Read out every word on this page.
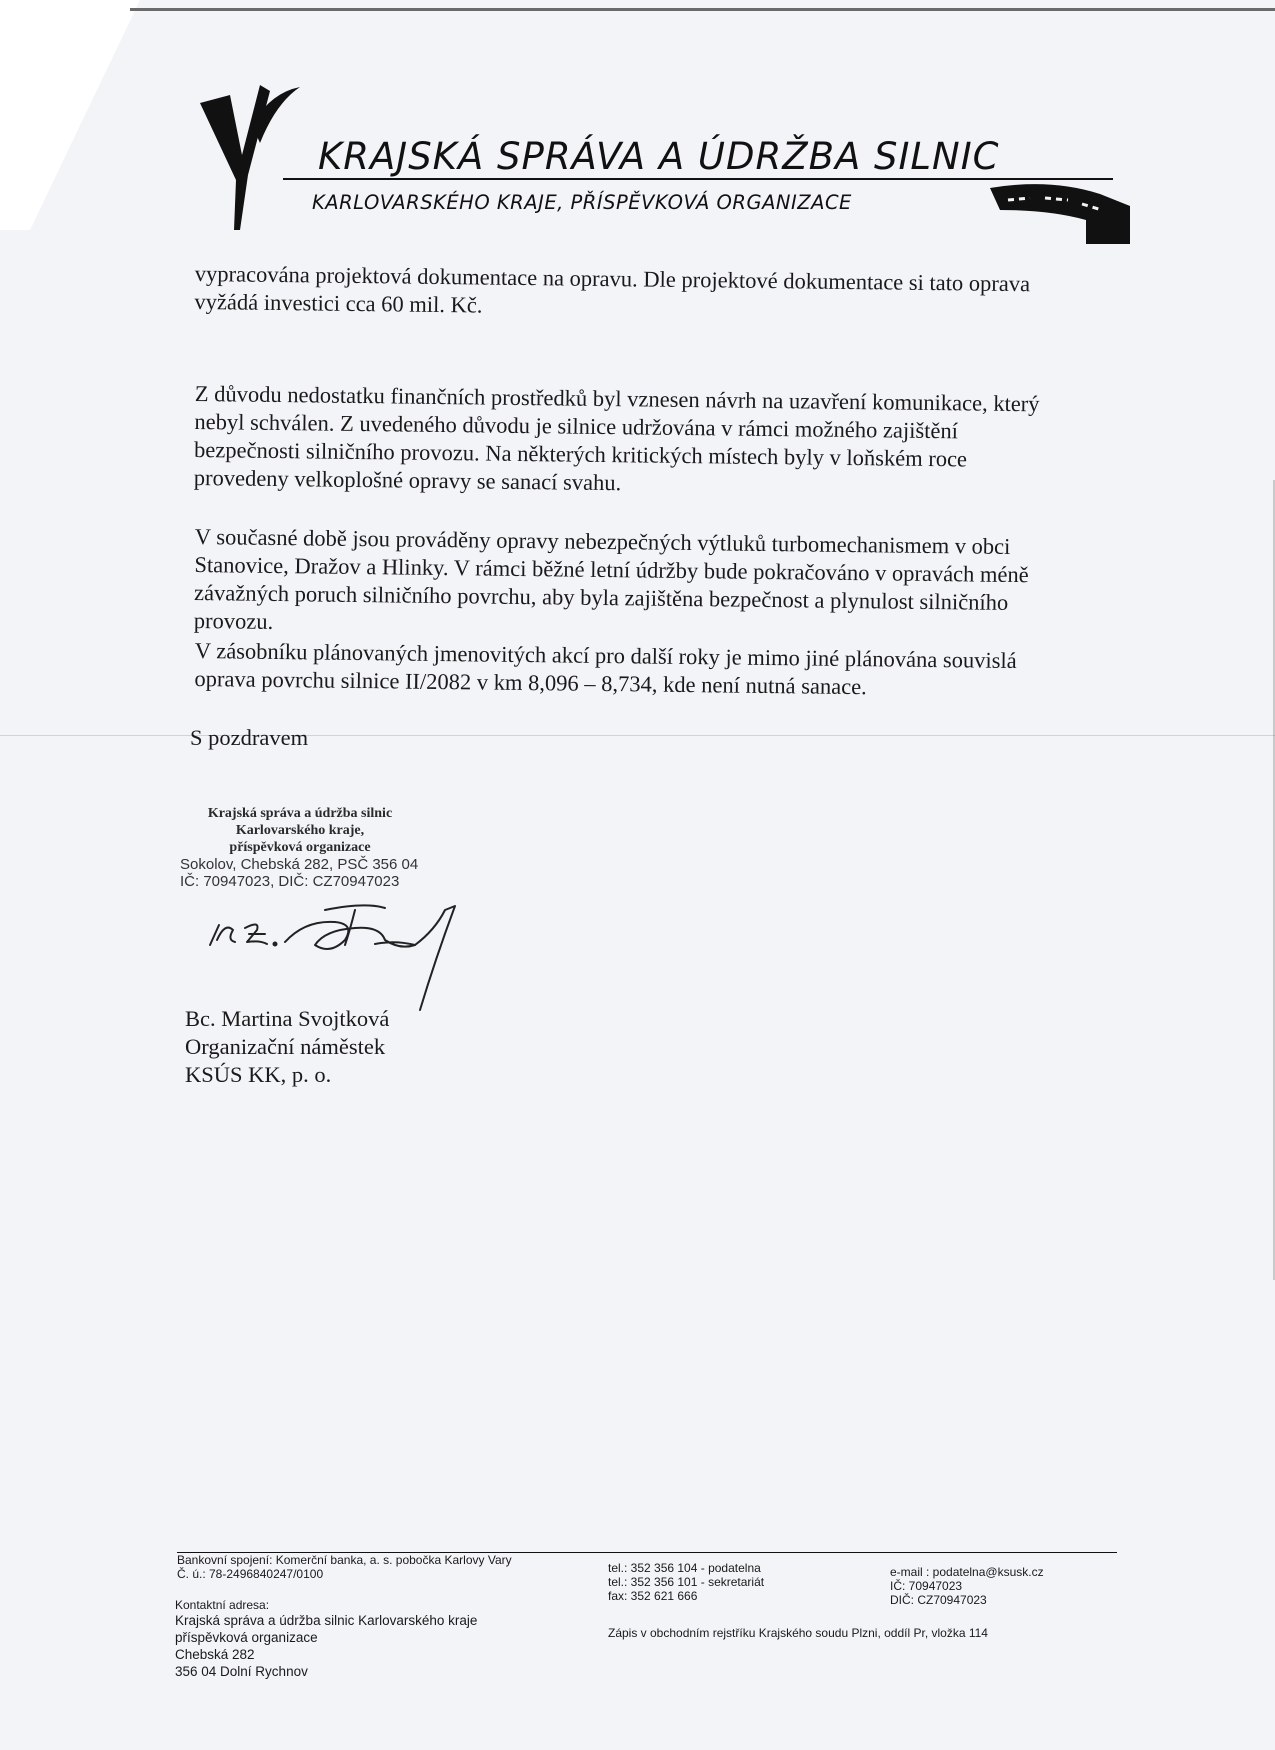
KRAJSKÁ SPRÁVA A ÚDRŽBA SILNIC
KARLOVARSKÉHO KRAJE, PŘÍSPĚVKOVÁ ORGANIZACE
vypracována projektová dokumentace na opravu. Dle projektové dokumentace si tato oprava
vyžádá investici cca 60 mil. Kč.
Z důvodu nedostatku finančních prostředků byl vznesen návrh na uzavření komunikace, který
nebyl schválen. Z uvedeného důvodu je silnice udržována v rámci možného zajištění
bezpečnosti silničního provozu. Na některých kritických místech byly v loňském roce
provedeny velkoplošné opravy se sanací svahu.
V současné době jsou prováděny opravy nebezpečných výtluků turbomechanismem v obci
Stanovice, Dražov a Hlinky. V rámci běžné letní údržby bude pokračováno v opravách méně
závažných poruch silničního povrchu, aby byla zajištěna bezpečnost a plynulost silničního
provozu.
V zásobníku plánovaných jmenovitých akcí pro další roky je mimo jiné plánována souvislá
oprava povrchu silnice II/2082 v km 8,096 – 8,734, kde není nutná sanace.
S pozdravem
Krajská správa a údržba silnic
Karlovarského kraje,
příspěvková organizace
Sokolov, Chebská 282, PSČ 356 04
IČ: 70947023, DIČ: CZ70947023
Bc. Martina Svojtková
Organizační náměstek
KSÚS KK, p. o.
Bankovní spojení: Komerční banka, a. s. pobočka Karlovy Vary
Č. ú.: 78-2496840247/0100
Kontaktní adresa:
Krajská správa a údržba silnic Karlovarského kraje
příspěvková organizace
Chebská 282
356 04 Dolní Rychnov
tel.: 352 356 104 - podatelna
tel.: 352 356 101 - sekretariát
fax: 352 621 666
Zápis v obchodním rejstříku Krajského soudu Plzni, oddíl Pr, vložka 114
e-mail : podatelna@ksusk.cz
IČ: 70947023
DIČ: CZ70947023
